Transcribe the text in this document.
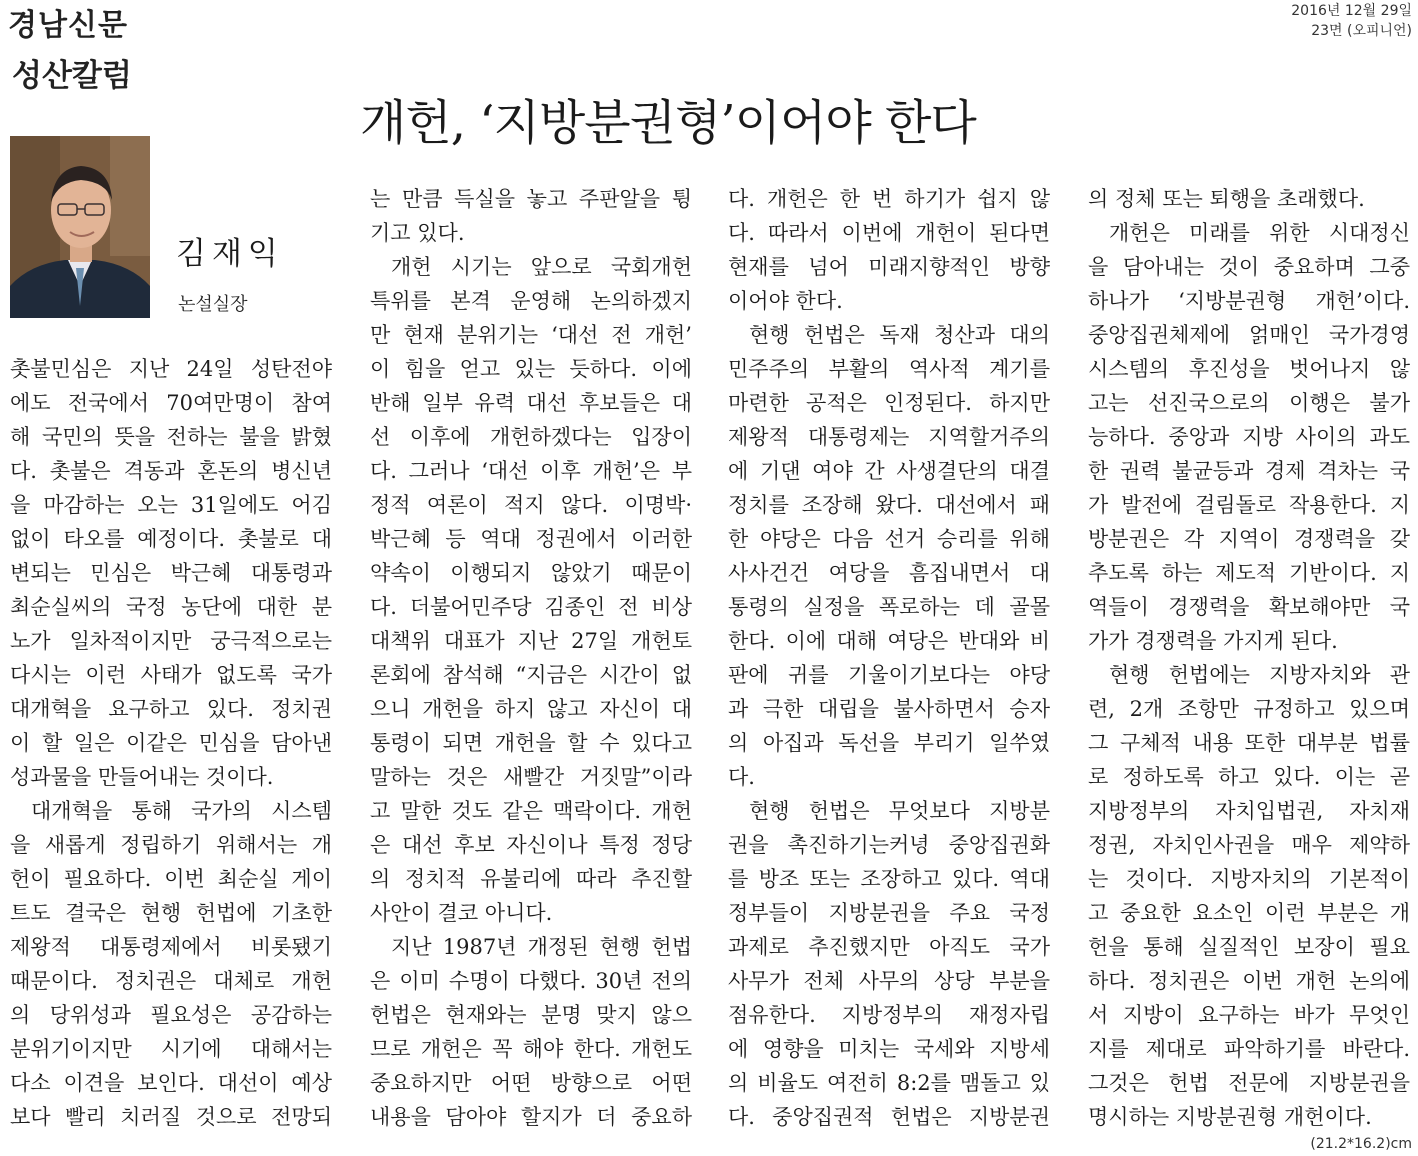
경남신문
성산칼럼
2016년 12월 29일
23면 (오피니언)
개헌, ‘지방분권형’이어야 한다
김재익
논설실장
촛불민심은 지난 24일 성탄전야
에도 전국에서 70여만명이 참여
해 국민의 뜻을 전하는 불을 밝혔
다. 촛불은 격동과 혼돈의 병신년
을 마감하는 오는 31일에도 어김
없이 타오를 예정이다. 촛불로 대
변되는 민심은 박근혜 대통령과
최순실씨의 국정 농단에 대한 분
노가 일차적이지만 궁극적으로는
다시는 이런 사태가 없도록 국가
대개혁을 요구하고 있다. 정치권
이 할 일은 이같은 민심을 담아낸
성과물을 만들어내는 것이다.
대개혁을 통해 국가의 시스템
을 새롭게 정립하기 위해서는 개
헌이 필요하다. 이번 최순실 게이
트도 결국은 현행 헌법에 기초한
제왕적 대통령제에서 비롯됐기
때문이다. 정치권은 대체로 개헌
의 당위성과 필요성은 공감하는
분위기이지만 시기에 대해서는
다소 이견을 보인다. 대선이 예상
보다 빨리 치러질 것으로 전망되
는 만큼 득실을 놓고 주판알을 튕
기고 있다.
개헌 시기는 앞으로 국회개헌
특위를 본격 운영해 논의하겠지
만 현재 분위기는 ‘대선 전 개헌’
이 힘을 얻고 있는 듯하다. 이에
반해 일부 유력 대선 후보들은 대
선 이후에 개헌하겠다는 입장이
다. 그러나 ‘대선 이후 개헌’은 부
정적 여론이 적지 않다. 이명박·
박근혜 등 역대 정권에서 이러한
약속이 이행되지 않았기 때문이
다. 더불어민주당 김종인 전 비상
대책위 대표가 지난 27일 개헌토
론회에 참석해 “지금은 시간이 없
으니 개헌을 하지 않고 자신이 대
통령이 되면 개헌을 할 수 있다고
말하는 것은 새빨간 거짓말”이라
고 말한 것도 같은 맥락이다. 개헌
은 대선 후보 자신이나 특정 정당
의 정치적 유불리에 따라 추진할
사안이 결코 아니다.
지난 1987년 개정된 현행 헌법
은 이미 수명이 다했다. 30년 전의
헌법은 현재와는 분명 맞지 않으
므로 개헌은 꼭 해야 한다. 개헌도
중요하지만 어떤 방향으로 어떤
내용을 담아야 할지가 더 중요하
다. 개헌은 한 번 하기가 쉽지 않
다. 따라서 이번에 개헌이 된다면
현재를 넘어 미래지향적인 방향
이어야 한다.
현행 헌법은 독재 청산과 대의
민주주의 부활의 역사적 계기를
마련한 공적은 인정된다. 하지만
제왕적 대통령제는 지역할거주의
에 기댄 여야 간 사생결단의 대결
정치를 조장해 왔다. 대선에서 패
한 야당은 다음 선거 승리를 위해
사사건건 여당을 흠집내면서 대
통령의 실정을 폭로하는 데 골몰
한다. 이에 대해 여당은 반대와 비
판에 귀를 기울이기보다는 야당
과 극한 대립을 불사하면서 승자
의 아집과 독선을 부리기 일쑤였
다.
현행 헌법은 무엇보다 지방분
권을 촉진하기는커녕 중앙집권화
를 방조 또는 조장하고 있다. 역대
정부들이 지방분권을 주요 국정
과제로 추진했지만 아직도 국가
사무가 전체 사무의 상당 부분을
점유한다. 지방정부의 재정자립
에 영향을 미치는 국세와 지방세
의 비율도 여전히 8:2를 맴돌고 있
다. 중앙집권적 헌법은 지방분권
의 정체 또는 퇴행을 초래했다.
개헌은 미래를 위한 시대정신
을 담아내는 것이 중요하며 그중
하나가 ‘지방분권형 개헌’이다.
중앙집권체제에 얽매인 국가경영
시스템의 후진성을 벗어나지 않
고는 선진국으로의 이행은 불가
능하다. 중앙과 지방 사이의 과도
한 권력 불균등과 경제 격차는 국
가 발전에 걸림돌로 작용한다. 지
방분권은 각 지역이 경쟁력을 갖
추도록 하는 제도적 기반이다. 지
역들이 경쟁력을 확보해야만 국
가가 경쟁력을 가지게 된다.
현행 헌법에는 지방자치와 관
련, 2개 조항만 규정하고 있으며
그 구체적 내용 또한 대부분 법률
로 정하도록 하고 있다. 이는 곧
지방정부의 자치입법권, 자치재
정권, 자치인사권을 매우 제약하
는 것이다. 지방자치의 기본적이
고 중요한 요소인 이런 부분은 개
헌을 통해 실질적인 보장이 필요
하다. 정치권은 이번 개헌 논의에
서 지방이 요구하는 바가 무엇인
지를 제대로 파악하기를 바란다.
그것은 헌법 전문에 지방분권을
명시하는 지방분권형 개헌이다.
(21.2*16.2)cm
